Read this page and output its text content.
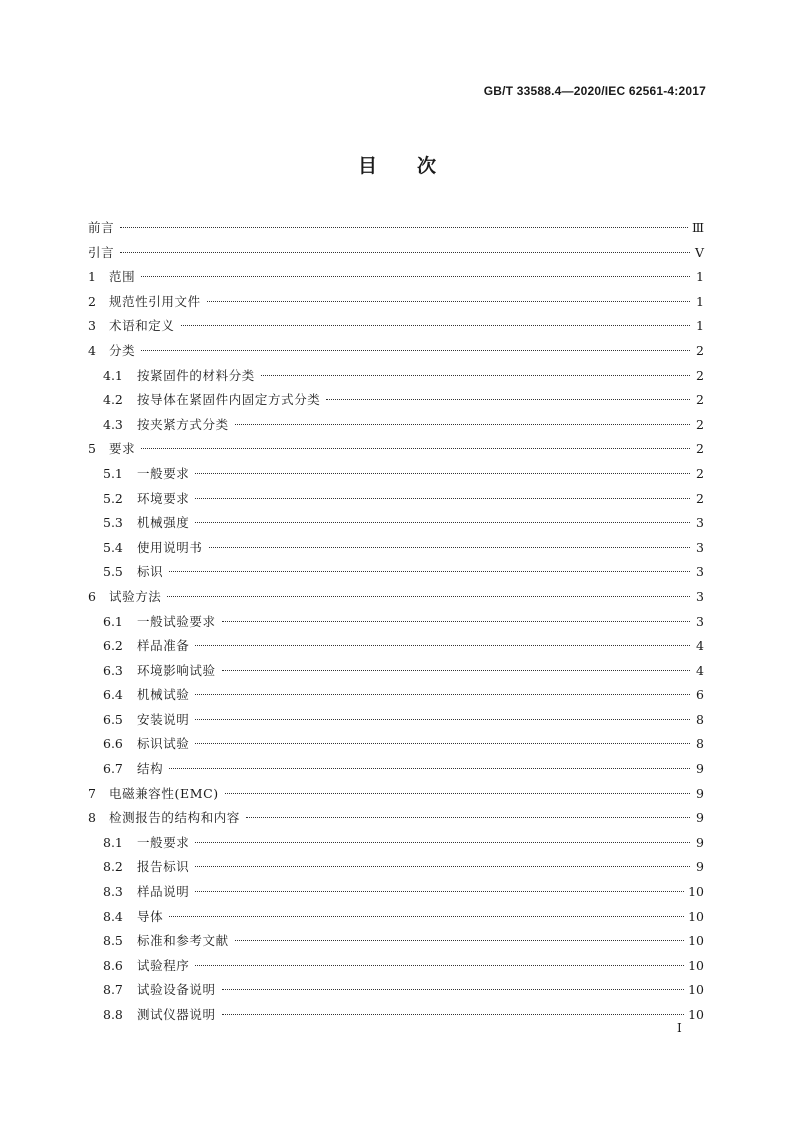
GB/T 33588.4—2020/IEC 62561-4:2017
目次
前言	Ⅲ
引言	Ⅴ
1	范围	1
2	规范性引用文件	1
3	术语和定义	1
4	分类	2
4.1	按紧固件的材料分类	2
4.2	按导体在紧固件内固定方式分类	2
4.3	按夹紧方式分类	2
5	要求	2
5.1	一般要求	2
5.2	环境要求	2
5.3	机械强度	3
5.4	使用说明书	3
5.5	标识	3
6	试验方法	3
6.1	一般试验要求	3
6.2	样品准备	4
6.3	环境影响试验	4
6.4	机械试验	6
6.5	安装说明	8
6.6	标识试验	8
6.7	结构	9
7	电磁兼容性(EMC)	9
8	检测报告的结构和内容	9
8.1	一般要求	9
8.2	报告标识	9
8.3	样品说明	10
8.4	导体	10
8.5	标准和参考文献	10
8.6	试验程序	10
8.7	试验设备说明	10
8.8	测试仪器说明	10
Ⅰ
